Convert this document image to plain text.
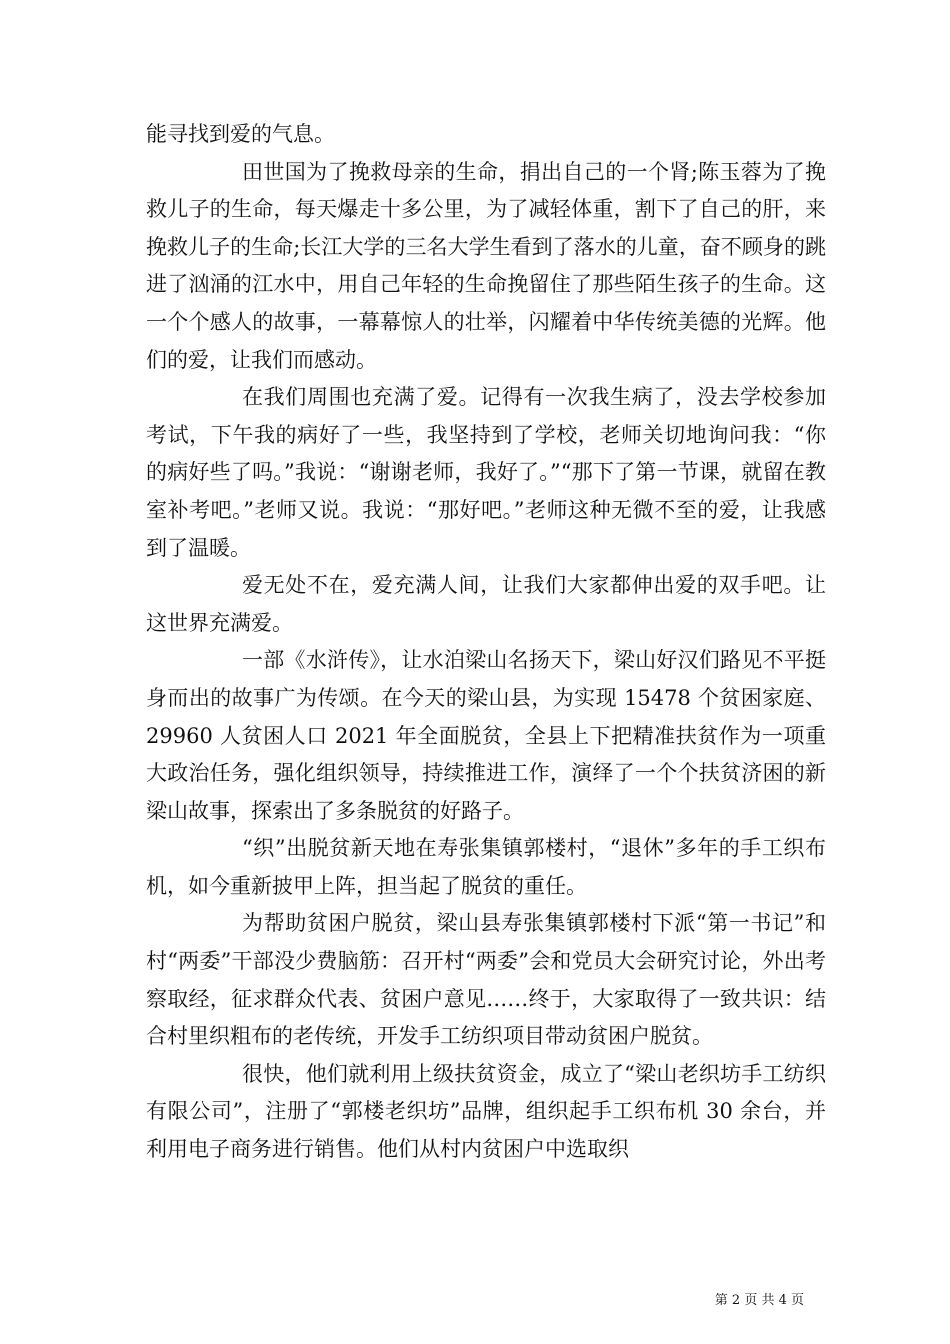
能寻找到爱的气息。

田世国为了挽救母亲的生命，捐出自己的一个肾;陈玉蓉为了挽救儿子的生命，每天爆走十多公里，为了减轻体重，割下了自己的肝，来挽救儿子的生命;长江大学的三名大学生看到了落水的儿童，奋不顾身的跳进了汹涌的江水中，用自己年轻的生命挽留住了那些陌生孩子的生命。这一个个感人的故事，一幕幕惊人的壮举，闪耀着中华传统美德的光辉。他们的爱，让我们而感动。

在我们周围也充满了爱。记得有一次我生病了，没去学校参加考试，下午我的病好了一些，我坚持到了学校，老师关切地询问我：“你的病好些了吗。”我说：“谢谢老师，我好了。”“那下了第一节课，就留在教室补考吧。”老师又说。我说：“那好吧。”老师这种无微不至的爱，让我感到了温暖。

爱无处不在，爱充满人间，让我们大家都伸出爱的双手吧。让这世界充满爱。

一部《水浒传》，让水泊梁山名扬天下，梁山好汉们路见不平挺身而出的故事广为传颂。在今天的梁山县，为实现 15478 个贫困家庭、29960 人贫困人口 2021 年全面脱贫，全县上下把精准扶贫作为一项重大政治任务，强化组织领导，持续推进工作，演绎了一个个扶贫济困的新梁山故事，探索出了多条脱贫的好路子。

“织”出脱贫新天地在寿张集镇郭楼村，“退休”多年的手工织布机，如今重新披甲上阵，担当起了脱贫的重任。

为帮助贫困户脱贫，梁山县寿张集镇郭楼村下派“第一书记”和村“两委”干部没少费脑筋：召开村“两委”会和党员大会研究讨论，外出考察取经，征求群众代表、贫困户意见……终于，大家取得了一致共识：结合村里织粗布的老传统，开发手工纺织项目带动贫困户脱贫。

很快，他们就利用上级扶贫资金，成立了“梁山老织坊手工纺织有限公司”，注册了“郭楼老织坊”品牌，组织起手工织布机 30 余台，并利用电子商务进行销售。他们从村内贫困户中选取织

第 2 页 共 4 页
